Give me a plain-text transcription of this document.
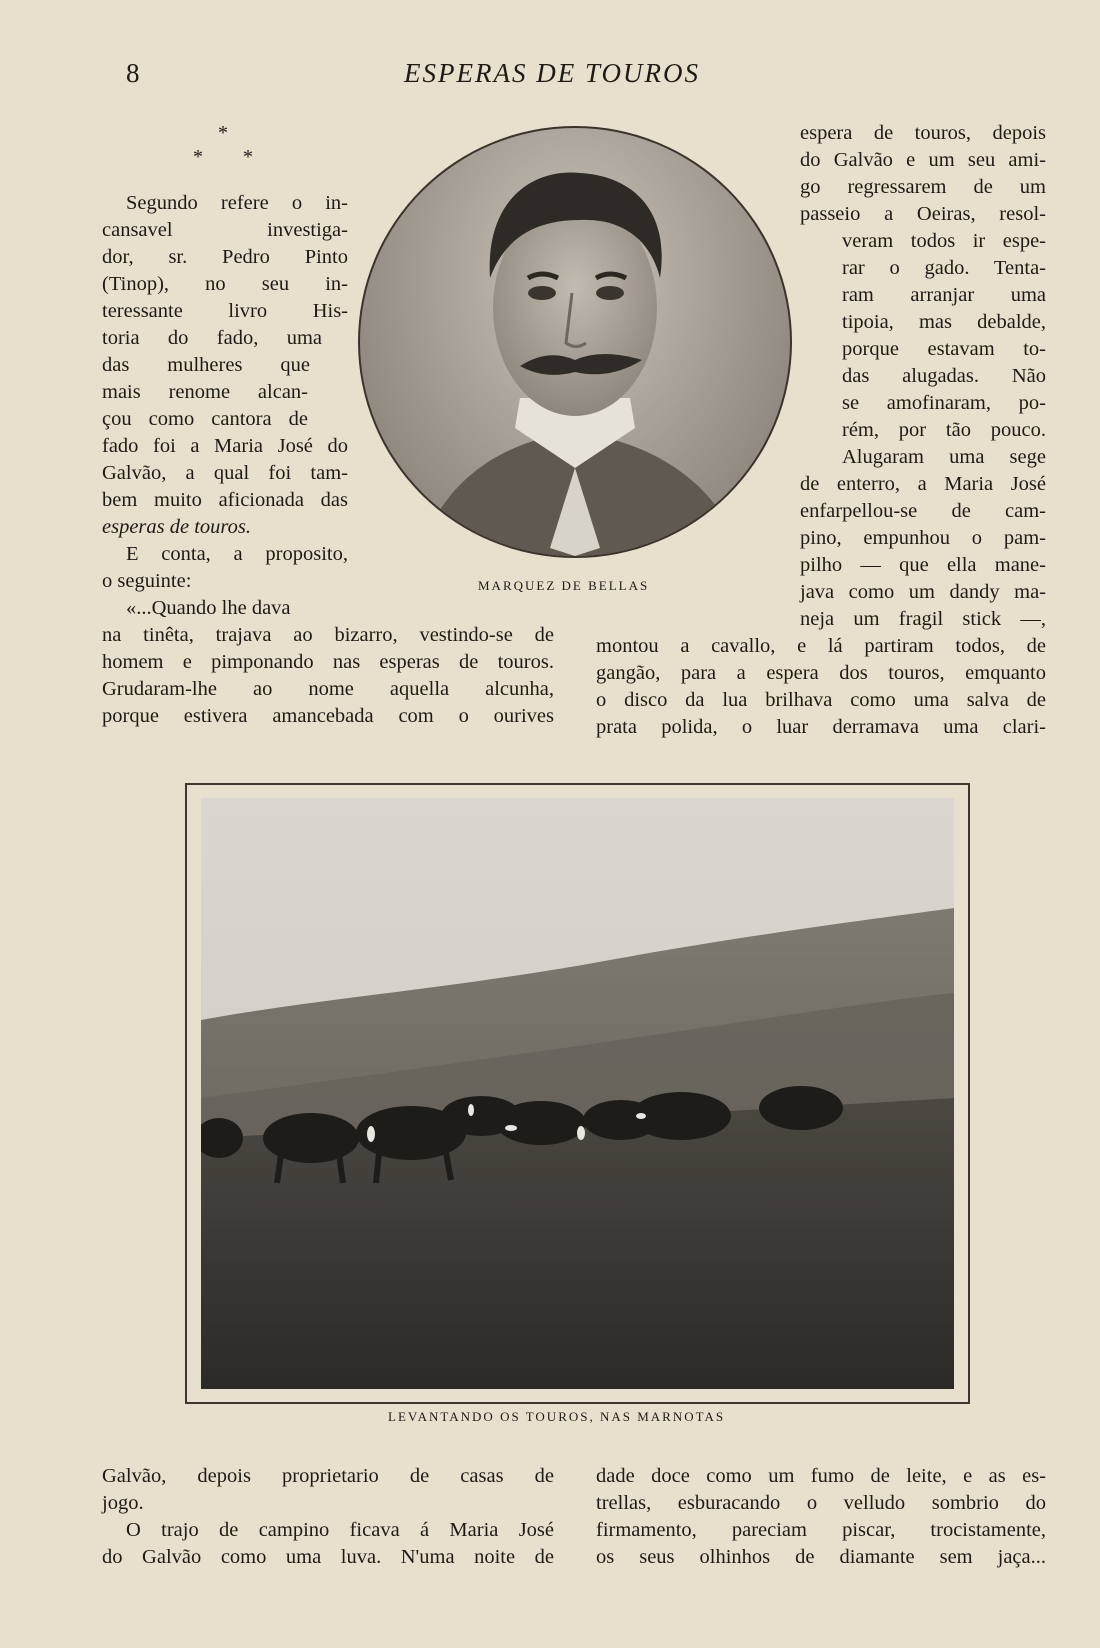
8	ESPERAS DE TOUROS
*
* *

Segundo refere o in-

cansavel investiga-

dor, sr. Pedro Pinto

(Tinop), no seu in-

teressante livro His-

toria do fado, uma

das mulheres que

mais renome alcan-

çou como cantora de

fado foi a Maria José do

Galvão, a qual foi tam-

bem muito aficionada das

esperas de touros.

E conta, a proposito,

o seguinte:

«...Quando lhe dava

na tinêta, trajava ao bizarro, vestindo-se de

homem e pimponando nas esperas de touros.

Grudaram-lhe ao nome aquella alcunha,

porque estivera amancebada com o ourives

MARQUEZ DE BELLAS

espera de touros, depois

do Galvão e um seu ami-

go regressarem de um

passeio a Oeiras, resol-

veram todos ir espe-

rar o gado. Tenta-

ram arranjar uma

tipoia, mas debalde,

porque estavam to-

das alugadas. Não

se amofinaram, po-

rém, por tão pouco.

Alugaram uma sege

de enterro, a Maria José

enfarpellou-se de cam-

pino, empunhou o pam-

pilho — que ella mane-

java como um dandy ma-

neja um fragil stick —,

montou a cavallo, e lá partiram todos, de

gangão, para a espera dos touros, emquanto

o disco da lua brilhava como uma salva de

prata polida, o luar derramava uma clari-

LEVANTANDO OS TOUROS, NAS MARNOTAS

Galvão, depois proprietario de casas de

jogo.

O trajo de campino ficava á Maria José

do Galvão como uma luva. N'uma noite de

dade doce como um fumo de leite, e as es-

trellas, esburacando o velludo sombrio do

firmamento, pareciam piscar, trocistamente,

os seus olhinhos de diamante sem jaça...
